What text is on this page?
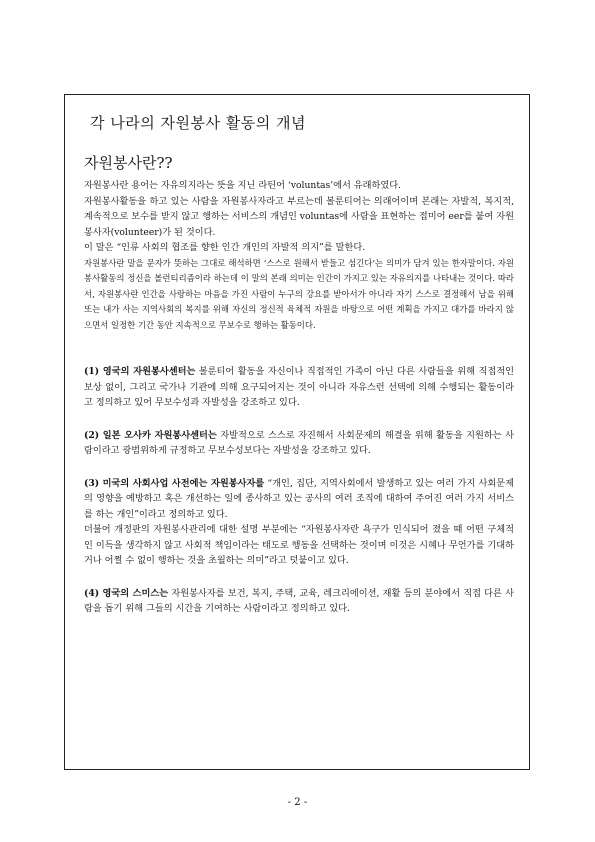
각 나라의 자원봉사 활동의 개념
자원봉사란??

자원봉사란 용어는 자유의지라는 뜻을 지닌 라틴어 ‘voluntas’에서 유래하였다.

자원봉사활동을 하고 있는 사람을 자원봉사자라고 부르는데 볼룬티어는 의래어이며 본래는 자발적, 복지적, 계속적으로 보수를 받지 않고 행하는 서비스의 개념인 voluntas에 사람을 표현하는 접미어 eer를 붙여 자원봉사자(volunteer)가 된 것이다.

이 말은 “인류 사회의 협조를 향한 인간 개인의 자발적 의지”를 말한다.

자원봉사란 말을 문자가 뜻하는 그대로 해석하면 ‘스스로 원해서 받들고 섬긴다’는 의미가 담겨 있는 한자말이다. 자원봉사활동의 정신을 볼런티리즘이라 하는데 이 말의 본래 의미는 인간이 가지고 있는 자유의지를 나타내는 것이다. 따라서, 자원봉사란 인간을 사랑하는 마음을 가진 사람이 누구의 강요를 받아서가 아니라 자기 스스로 결정해서 남을 위해 또는 내가 사는 지역사회의 복지를 위해 자신의 정신적 육체적 자원을 바탕으로 어떤 계획을 가지고 대가를 바라지 않으면서 일정한 기간 동안 지속적으로 무보수로 행하는 활동이다.

(1) 영국의 자원봉사센터는 볼룬티어 활동을 자신이나 직접적인 가족이 아닌 다른 사람들을 위해 직접적인 보상 없이, 그리고 국가나 기관에 의해 요구되어지는 것이 아니라 자유스런 선택에 의해 수행되는 활동이라고 정의하고 있어 무보수성과 자발성을 강조하고 있다.

(2) 일본 오사카 자원봉사센터는 자발적으로 스스로 자진해서 사회문제의 해결을 위해 활동을 지원하는 사람이라고 광범위하게 규정하고 무보수성보다는 자발성을 강조하고 있다.

(3) 미국의 사회사업 사전에는 자원봉사자를 “개인, 집단, 지역사회에서 발생하고 있는 여러 가지 사회문제의 영향을 예방하고 혹은 개선하는 일에 종사하고 있는 공사의 여러 조직에 대하여 주어진 여러 가지 서비스를 하는 개인”이라고 정의하고 있다.

더불어 개정판의 자원봉사관리에 대한 설명 부분에는 “자원봉사자란 욕구가 인식되어 졌을 때 어떤 구체적인 이득을 생각하지 않고 사회적 책임이라는 태도로 행동을 선택하는 것이며 이것은 시혜나 무언가를 기대하거나 어쩔 수 없이 행하는 것을 초월하는 의미”라고 덧붙이고 있다.

(4) 영국의 스미스는 자원봉사자를 보건, 복지, 주택, 교육, 레크리에이션, 재활 등의 분야에서 직접 다른 사람을 돕기 위해 그들의 시간을 기여하는 사람이라고 정의하고 있다.

- 2 -
